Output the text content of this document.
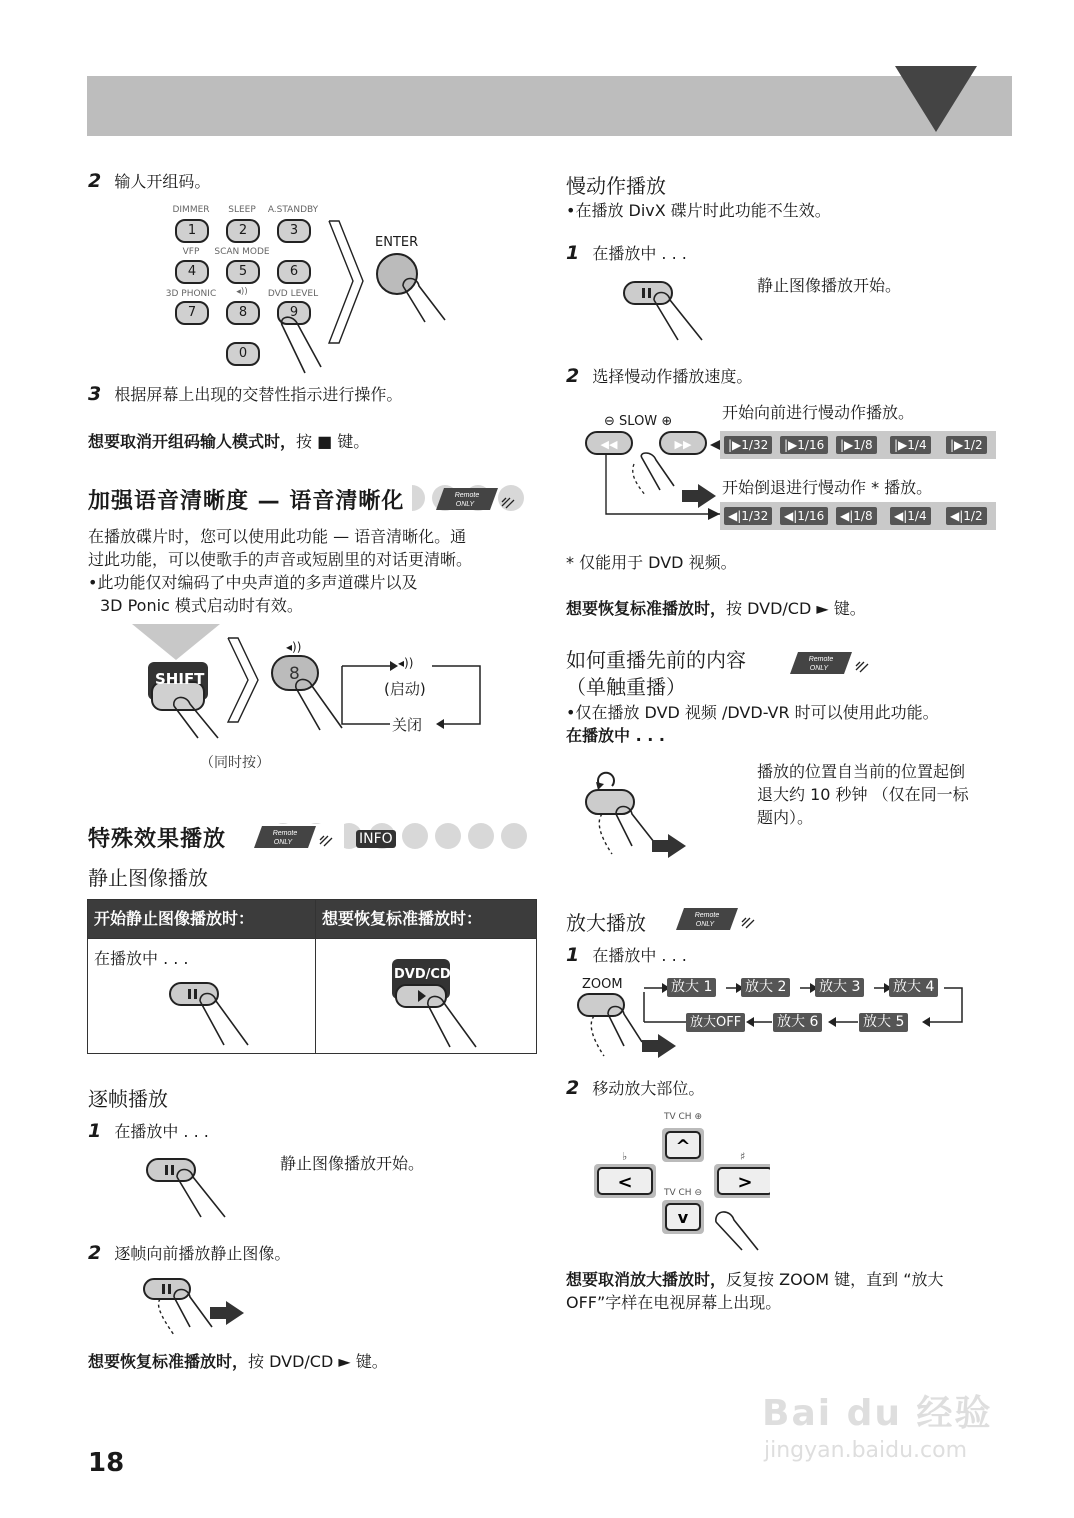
2 输人开组码。
DIMMER	SLEEP	A.STANDBY
1	2	3
VFP	SCAN MODE
4	5	6
3D PHONIC	◂))	DVD LEVEL
7	8	9
0
ENTER
3 根据屏幕上出现的交替性指示进行操作。
想要取消开组码输人模式时，按 ■ 键。
加强语音清晰度 — 语音清晰化	Remote
ONLY
在播放碟片时，您可以使用此功能 — 语音清晰化。通
过此功能，可以使歌手的声音或短剧里的对话更清晰。
•此功能仅对编码了中央声道的多声道碟片以及
3D Ponic 模式启动时有效。
SHIFT
◂))
8
◂))
(启动)
关闭
（同时按）
特殊效果播放	Remote
ONLY	INFO
静止图像播放
开始静止图像播放时：	想要恢复标准播放时：

在播放中 . . .	DVD/CD
逐帧播放
1 在播放中 . . .
静止图像播放开始。
2 逐帧向前播放静止图像。
想要恢复标准播放时，按 DVD/CD ► 键。
18
慢动作播放
•在播放 DivX 碟片时此功能不生效。
1 在播放中 . . .
静止图像播放开始。
2 选择慢动作播放速度。
⊖ SLOW ⊕
◀◀	▶▶
开始向前进行慢动作播放。
|▶1/32	|▶1/16	|▶1/8	|▶1/4	|▶1/2
开始倒退进行慢动作 * 播放。
◀|1/32	◀|1/16	◀|1/8	◀|1/4	◀|1/2
* 仅能用于 DVD 视频。
想要恢复标准播放时，按 DVD/CD ► 键。
如何重播先前的内容
（单触重播）
Remote
ONLY
•仅在播放 DVD 视频 /DVD-VR 时可以使用此功能。
在播放中 . . .
播放的位置自当前的位置起倒
退大约 10 秒钟 （仅在同一标
题内）。
放大播放	Remote
ONLY
1 在播放中 . . .
ZOOM	放大 1 放大 2 放大 3 放大 4
放大OFF	放大 6	放大 5
2 移动放大部位。
TV CH ⊕
TV CH ⊖
♭	♯
^
<	>
v
想要取消放大播放时，反复按 ZOOM 键，直到 “放大
OFF”字样在电视屏幕上出现。
Bai du 经验
jingyan.baidu.com
